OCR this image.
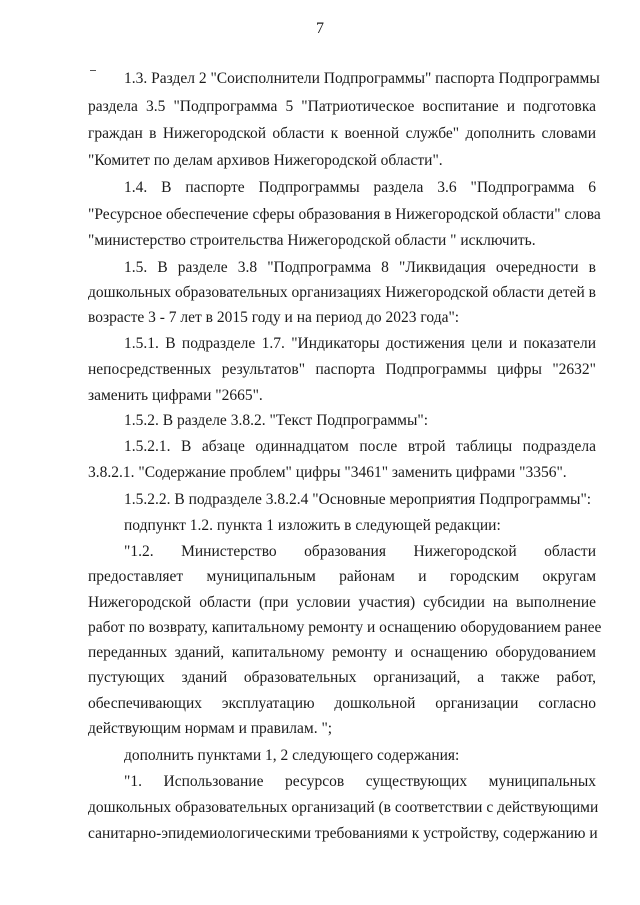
7
1.3. Раздел 2 "Соисполнители Подпрограммы" паспорта Подпрограммы
раздела 3.5 "Подпрограмма 5 "Патриотическое воспитание и подготовка
граждан в Нижегородской области к военной службе" дополнить словами
"Комитет по делам архивов Нижегородской области".
1.4. В паспорте Подпрограммы раздела 3.6 "Подпрограмма 6
"Ресурсное обеспечение сферы образования в Нижегородской области" слова
"министерство строительства Нижегородской области " исключить.
1.5. В разделе 3.8 "Подпрограмма 8 "Ликвидация очередности в
дошкольных образовательных организациях Нижегородской области детей в
возрасте 3 - 7 лет в 2015 году и на период до 2023 года":
1.5.1. В подразделе 1.7. "Индикаторы достижения цели и показатели
непосредственных результатов" паспорта Подпрограммы цифры "2632"
заменить цифрами "2665".
1.5.2. В разделе 3.8.2. "Текст Подпрограммы":
1.5.2.1. В абзаце одиннадцатом после втрой таблицы подраздела
3.8.2.1. "Содержание проблем" цифры "3461" заменить цифрами "3356".
1.5.2.2. В подразделе 3.8.2.4 "Основные мероприятия Подпрограммы":
подпункт 1.2. пункта 1 изложить в следующей редакции:
"1.2. Министерство образования Нижегородской области
предоставляет муниципальным районам и городским округам
Нижегородской области (при условии участия) субсидии на выполнение
работ по возврату, капитальному ремонту и оснащению оборудованием ранее
переданных зданий, капитальному ремонту и оснащению оборудованием
пустующих зданий образовательных организаций, а также работ,
обеспечивающих эксплуатацию дошкольной организации согласно
действующим нормам и правилам. ";
дополнить пунктами 1, 2 следующего содержания:
"1. Использование ресурсов существующих муниципальных
дошкольных образовательных организаций (в соответствии с действующими
санитарно-эпидемиологическими требованиями к устройству, содержанию и
